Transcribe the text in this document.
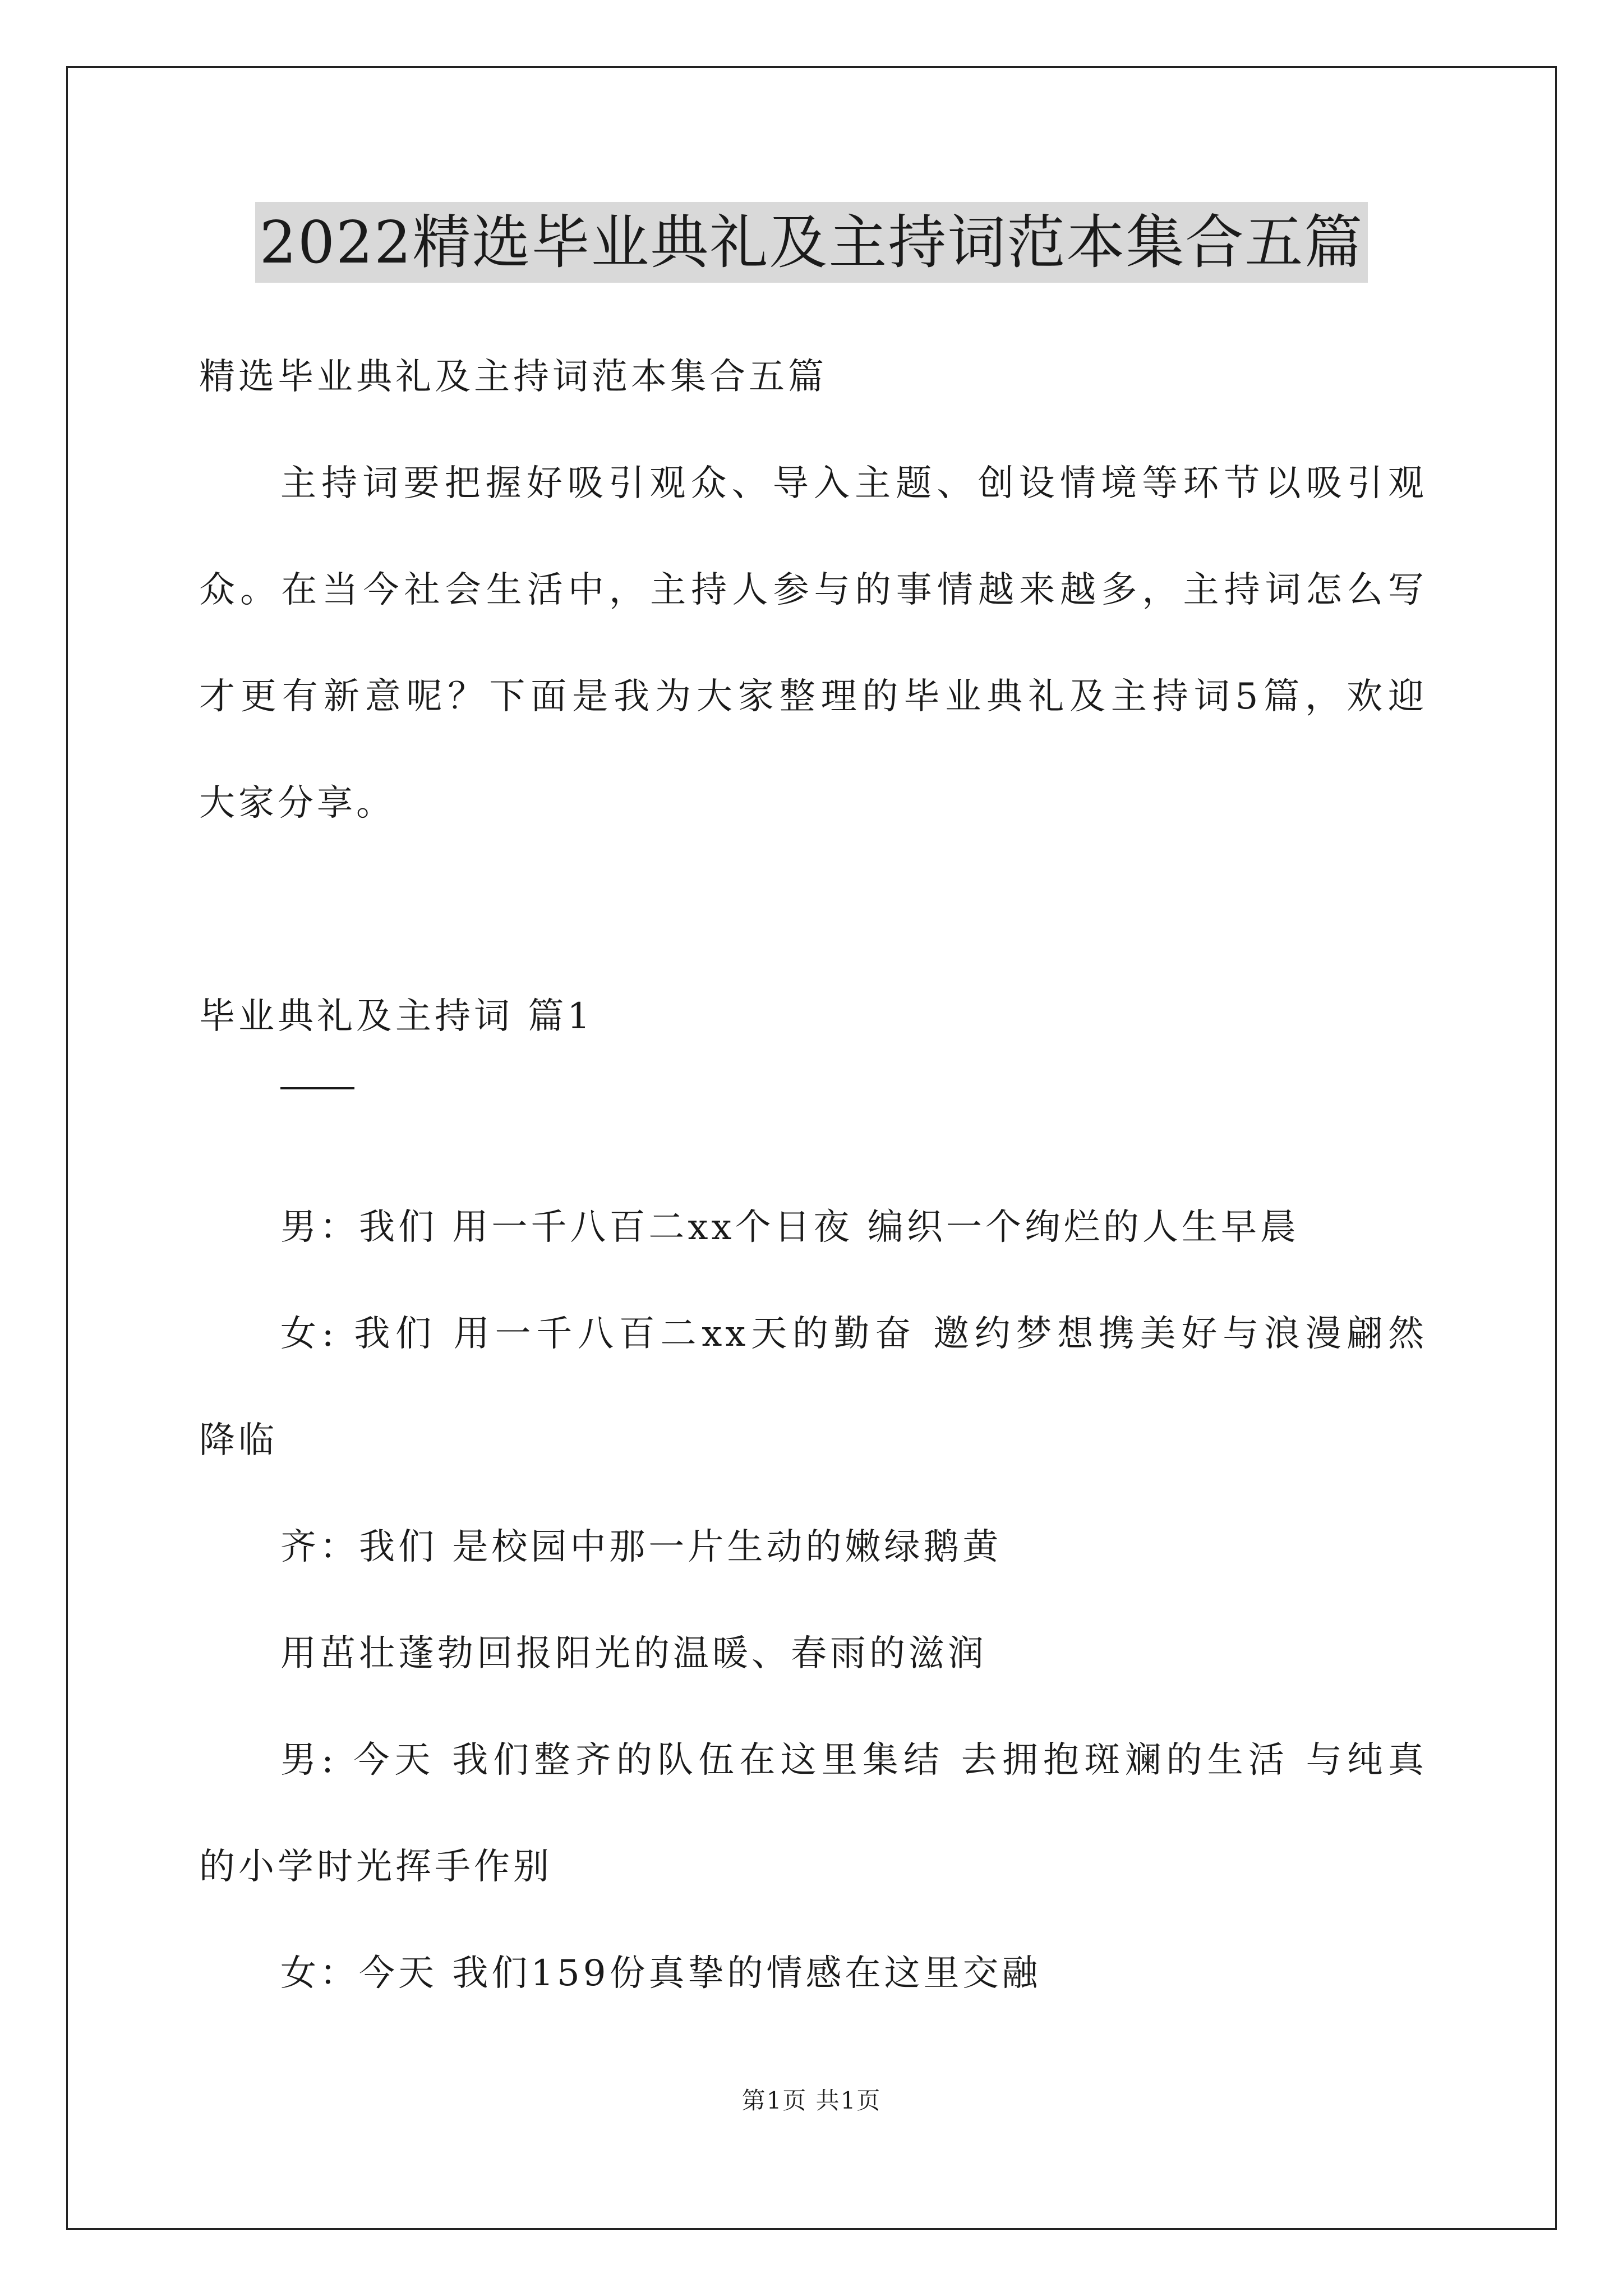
2022精选毕业典礼及主持词范本集合五篇
精选毕业典礼及主持词范本集合五篇
主持词要把握好吸引观众、导入主题、创设情境等环节以吸引观
众。在当今社会生活中，主持人参与的事情越来越多，主持词怎么写
才更有新意呢？下面是我为大家整理的毕业典礼及主持词5篇，欢迎
大家分享。
毕业典礼及主持词 篇1
男：我们 用一千八百二xx个日夜 编织一个绚烂的人生早晨
女: 我们 用一千八百二xx天的勤奋 邀约梦想携美好与浪漫翩然
降临
齐：我们 是校园中那一片生动的嫩绿鹅黄
用茁壮蓬勃回报阳光的温暖、春雨的滋润
男: 今天 我们整齐的队伍在这里集结 去拥抱斑斓的生活 与纯真
的小学时光挥手作别
女：今天 我们159份真挚的情感在这里交融
第1页 共1页
